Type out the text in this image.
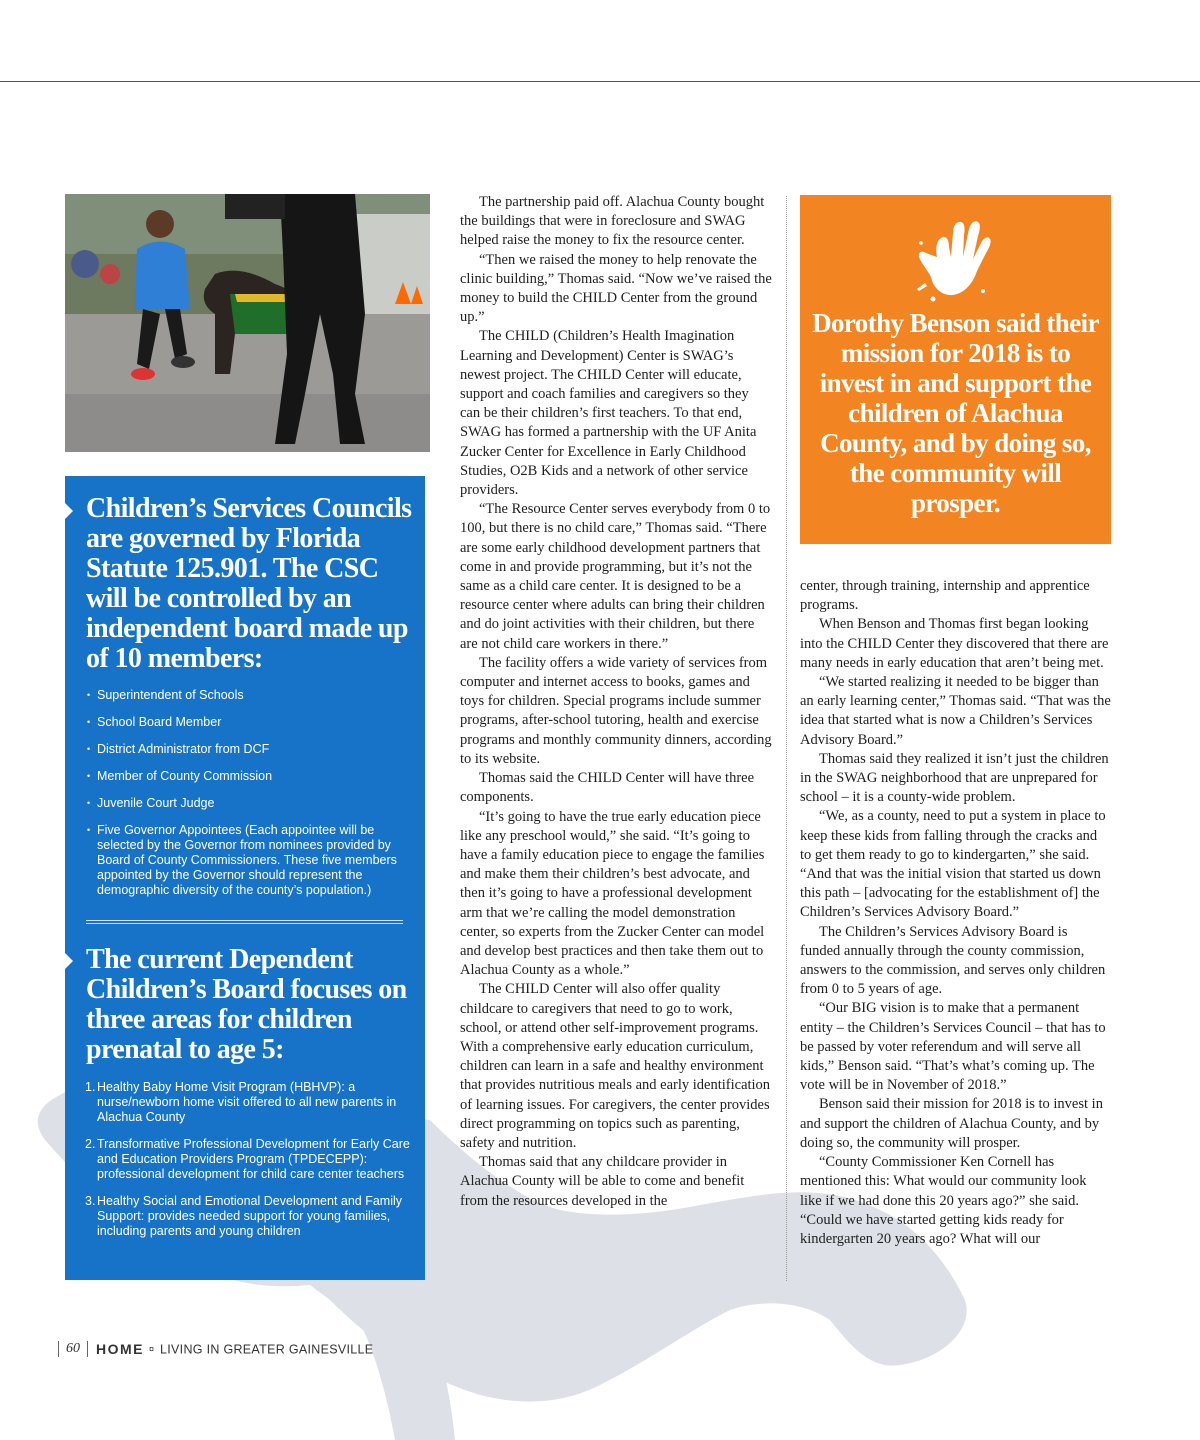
Children’s Services Councils are governed by Florida Statute 125.901. The CSC will be controlled by an independent board made up of 10 members:
• Superintendent of Schools
• School Board Member
• District Administrator from DCF
• Member of County Commission
• Juvenile Court Judge
• Five Governor Appointees (Each appointee will be selected by the Governor from nominees provided by Board of County Commissioners. These five members appointed by the Governor should represent the demographic diversity of the county’s population.)
The current Dependent Children’s Board focuses on three areas for children prenatal to age 5:
1. Healthy Baby Home Visit Program (HBHVP): a nurse/newborn home visit offered to all new parents in Alachua County
2. Transformative Professional Development for Early Care and Education Providers Program (TPDECEPP): professional development for child care center teachers
3. Healthy Social and Emotional Development and Family Support: provides needed support for young families, including parents and young children

The partnership paid off. Alachua County bought the buildings that were in foreclosure and SWAG helped raise the money to fix the resource center.

“Then we raised the money to help renovate the clinic building,” Thomas said. “Now we’ve raised the money to build the CHILD Center from the ground up.”

The CHILD (Children’s Health Imagination Learning and Development) Center is SWAG’s newest project. The CHILD Center will educate, support and coach families and caregivers so they can be their children’s first teachers. To that end, SWAG has formed a partnership with the UF Anita Zucker Center for Excellence in Early Childhood Studies, O2B Kids and a network of other service providers.

“The Resource Center serves everybody from 0 to 100, but there is no child care,” Thomas said. “There are some early childhood development partners that come in and provide programming, but it’s not the same as a child care center. It is designed to be a resource center where adults can bring their children and do joint activities with their children, but there are not child care workers in there.”

The facility offers a wide variety of services from computer and internet access to books, games and toys for children. Special programs include summer programs, after-school tutoring, health and exercise programs and monthly community dinners, according to its website.

Thomas said the CHILD Center will have three components.

“It’s going to have the true early education piece like any preschool would,” she said. “It’s going to have a family education piece to engage the families and make them their children’s best advocate, and then it’s going to have a professional development arm that we’re calling the model demonstration center, so experts from the Zucker Center can model and develop best practices and then take them out to Alachua County as a whole.”

The CHILD Center will also offer quality childcare to caregivers that need to go to work, school, or attend other self-improvement programs. With a comprehensive early education curriculum, children can learn in a safe and healthy environment that provides nutritious meals and early identification of learning issues. For caregivers, the center provides direct programming on topics such as parenting, safety and nutrition.

Thomas said that any childcare provider in Alachua County will be able to come and benefit from the resources developed in the

Dorothy Benson said their mission for 2018 is to invest in and support the children of Alachua County, and by doing so, the community will prosper.

center, through training, internship and apprentice programs.

When Benson and Thomas first began looking into the CHILD Center they discovered that there are many needs in early education that aren’t being met.

“We started realizing it needed to be bigger than an early learning center,” Thomas said. “That was the idea that started what is now a Children’s Services Advisory Board.”

Thomas said they realized it isn’t just the children in the SWAG neighborhood that are unprepared for school – it is a county-wide problem.

“We, as a county, need to put a system in place to keep these kids from falling through the cracks and to get them ready to go to kindergarten,” she said. “And that was the initial vision that started us down this path – [advocating for the establishment of] the Children’s Services Advisory Board.”

The Children’s Services Advisory Board is funded annually through the county commission, answers to the commission, and serves only children from 0 to 5 years of age.

“Our BIG vision is to make that a permanent entity – the Children’s Services Council – that has to be passed by voter referendum and will serve all kids,” Benson said. “That’s what’s coming up. The vote will be in November of 2018.”

Benson said their mission for 2018 is to invest in and support the children of Alachua County, and by doing so, the community will prosper.

“County Commissioner Ken Cornell has mentioned this: What would our community look like if we had done this 20 years ago?” she said. “Could we have started getting kids ready for kindergarten 20 years ago? What will our

60 HOME ¤ LIVING IN GREATER GAINESVILLE
